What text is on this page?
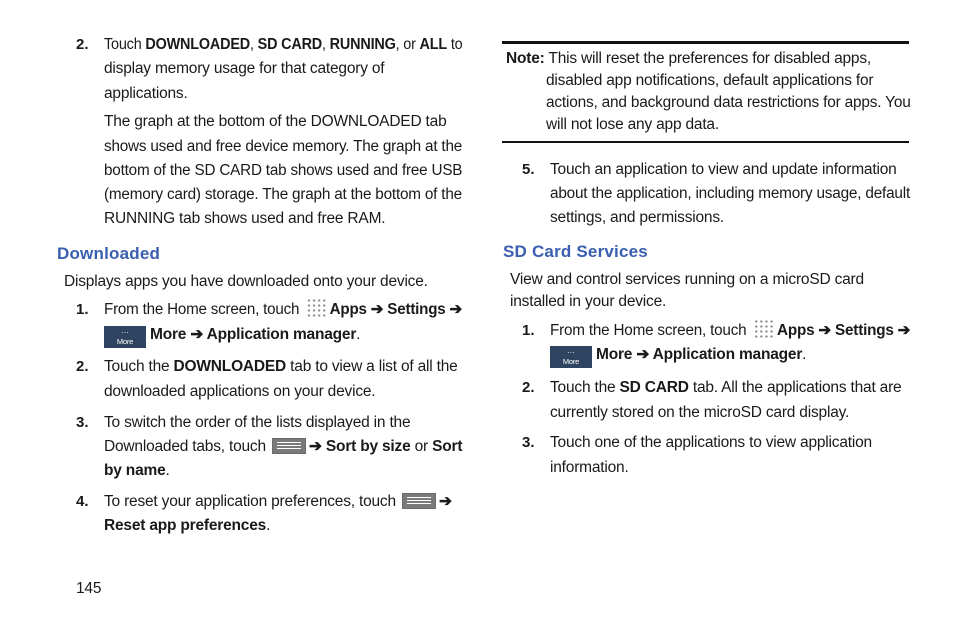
2. Touch DOWNLOADED, SD CARD, RUNNING, or ALL to
display memory usage for that category of
applications.
The graph at the bottom of the DOWNLOADED tab
shows used and free device memory. The graph at the
bottom of the SD CARD tab shows used and free USB
(memory card) storage. The graph at the bottom of the
RUNNING tab shows used and free RAM.
Downloaded
Displays apps you have downloaded onto your device.
1. From the Home screen, touch Apps ➔ Settings ➔
···
More More ➔ Application manager.
2. Touch the DOWNLOADED tab to view a list of all the
downloaded applications on your device.
3. To switch the order of the lists displayed in the
Downloaded tabs, touch	➔ Sort by size or Sort
by name.
4. To reset your application preferences, touch	➔
Reset app preferences.
145
Note: This will reset the preferences for disabled apps,
disabled app notifications, default applications for
actions, and background data restrictions for apps. You
will not lose any app data.
5. Touch an application to view and update information
about the application, including memory usage, default
settings, and permissions.
SD Card Services
View and control services running on a microSD card
installed in your device.
1. From the Home screen, touch Apps ➔ Settings ➔
···
More More ➔ Application manager.
2. Touch the SD CARD tab. All the applications that are
currently stored on the microSD card display.
3. Touch one of the applications to view application
information.
